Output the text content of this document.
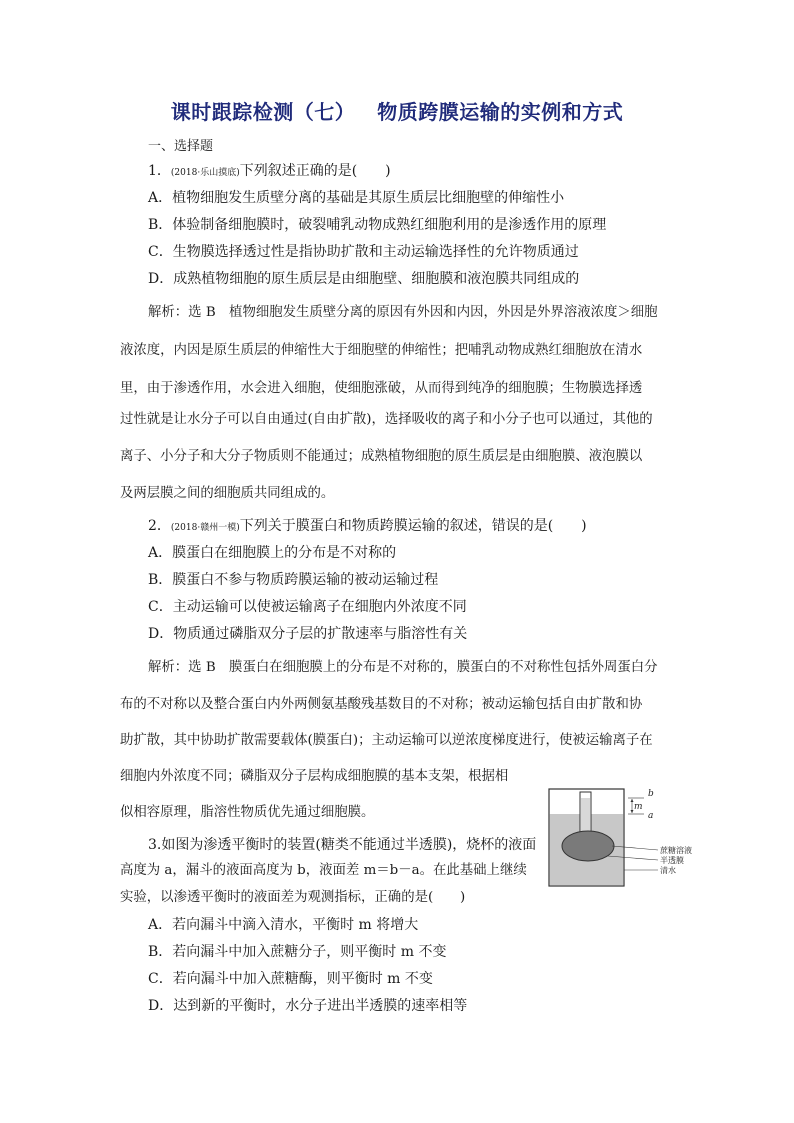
课时跟踪检测（七） 物质跨膜运输的实例和方式
一、选择题
1．(2018·乐山摸底)下列叙述正确的是(　　)
A．植物细胞发生质壁分离的基础是其原生质层比细胞壁的伸缩性小
B．体验制备细胞膜时，破裂哺乳动物成熟红细胞利用的是渗透作用的原理
C．生物膜选择透过性是指协助扩散和主动运输选择性的允许物质通过
D．成熟植物细胞的原生质层是由细胞壁、细胞膜和液泡膜共同组成的
解析：选 B　植物细胞发生质壁分离的原因有外因和内因，外因是外界溶液浓度＞细胞
液浓度，内因是原生质层的伸缩性大于细胞壁的伸缩性；把哺乳动物成熟红细胞放在清水
里，由于渗透作用，水会进入细胞，使细胞涨破，从而得到纯净的细胞膜；生物膜选择透
过性就是让水分子可以自由通过(自由扩散)，选择吸收的离子和小分子也可以通过，其他的
离子、小分子和大分子物质则不能通过；成熟植物细胞的原生质层是由细胞膜、液泡膜以
及两层膜之间的细胞质共同组成的。
2．(2018·赣州一模)下列关于膜蛋白和物质跨膜运输的叙述，错误的是(　　)
A．膜蛋白在细胞膜上的分布是不对称的
B．膜蛋白不参与物质跨膜运输的被动运输过程
C．主动运输可以使被运输离子在细胞内外浓度不同
D．物质通过磷脂双分子层的扩散速率与脂溶性有关
解析：选 B　膜蛋白在细胞膜上的分布是不对称的，膜蛋白的不对称性包括外周蛋白分
布的不对称以及整合蛋白内外两侧氨基酸残基数目的不对称；被动运输包括自由扩散和协
助扩散，其中协助扩散需要载体(膜蛋白)；主动运输可以逆浓度梯度进行，使被运输离子在
细胞内外浓度不同；磷脂双分子层构成细胞膜的基本支架，根据相
似相容原理，脂溶性物质优先通过细胞膜。
3.如图为渗透平衡时的装置(糖类不能通过半透膜)，烧杯的液面
高度为 a，漏斗的液面高度为 b，液面差 m＝b－a。在此基础上继续
实验，以渗透平衡时的液面差为观测指标，正确的是(　　)
A．若向漏斗中滴入清水，平衡时 m 将增大
B．若向漏斗中加入蔗糖分子，则平衡时 m 不变
C．若向漏斗中加入蔗糖酶，则平衡时 m 不变
D．达到新的平衡时，水分子进出半透膜的速率相等
b
m
a
蔗糖溶液
半透膜
清水
